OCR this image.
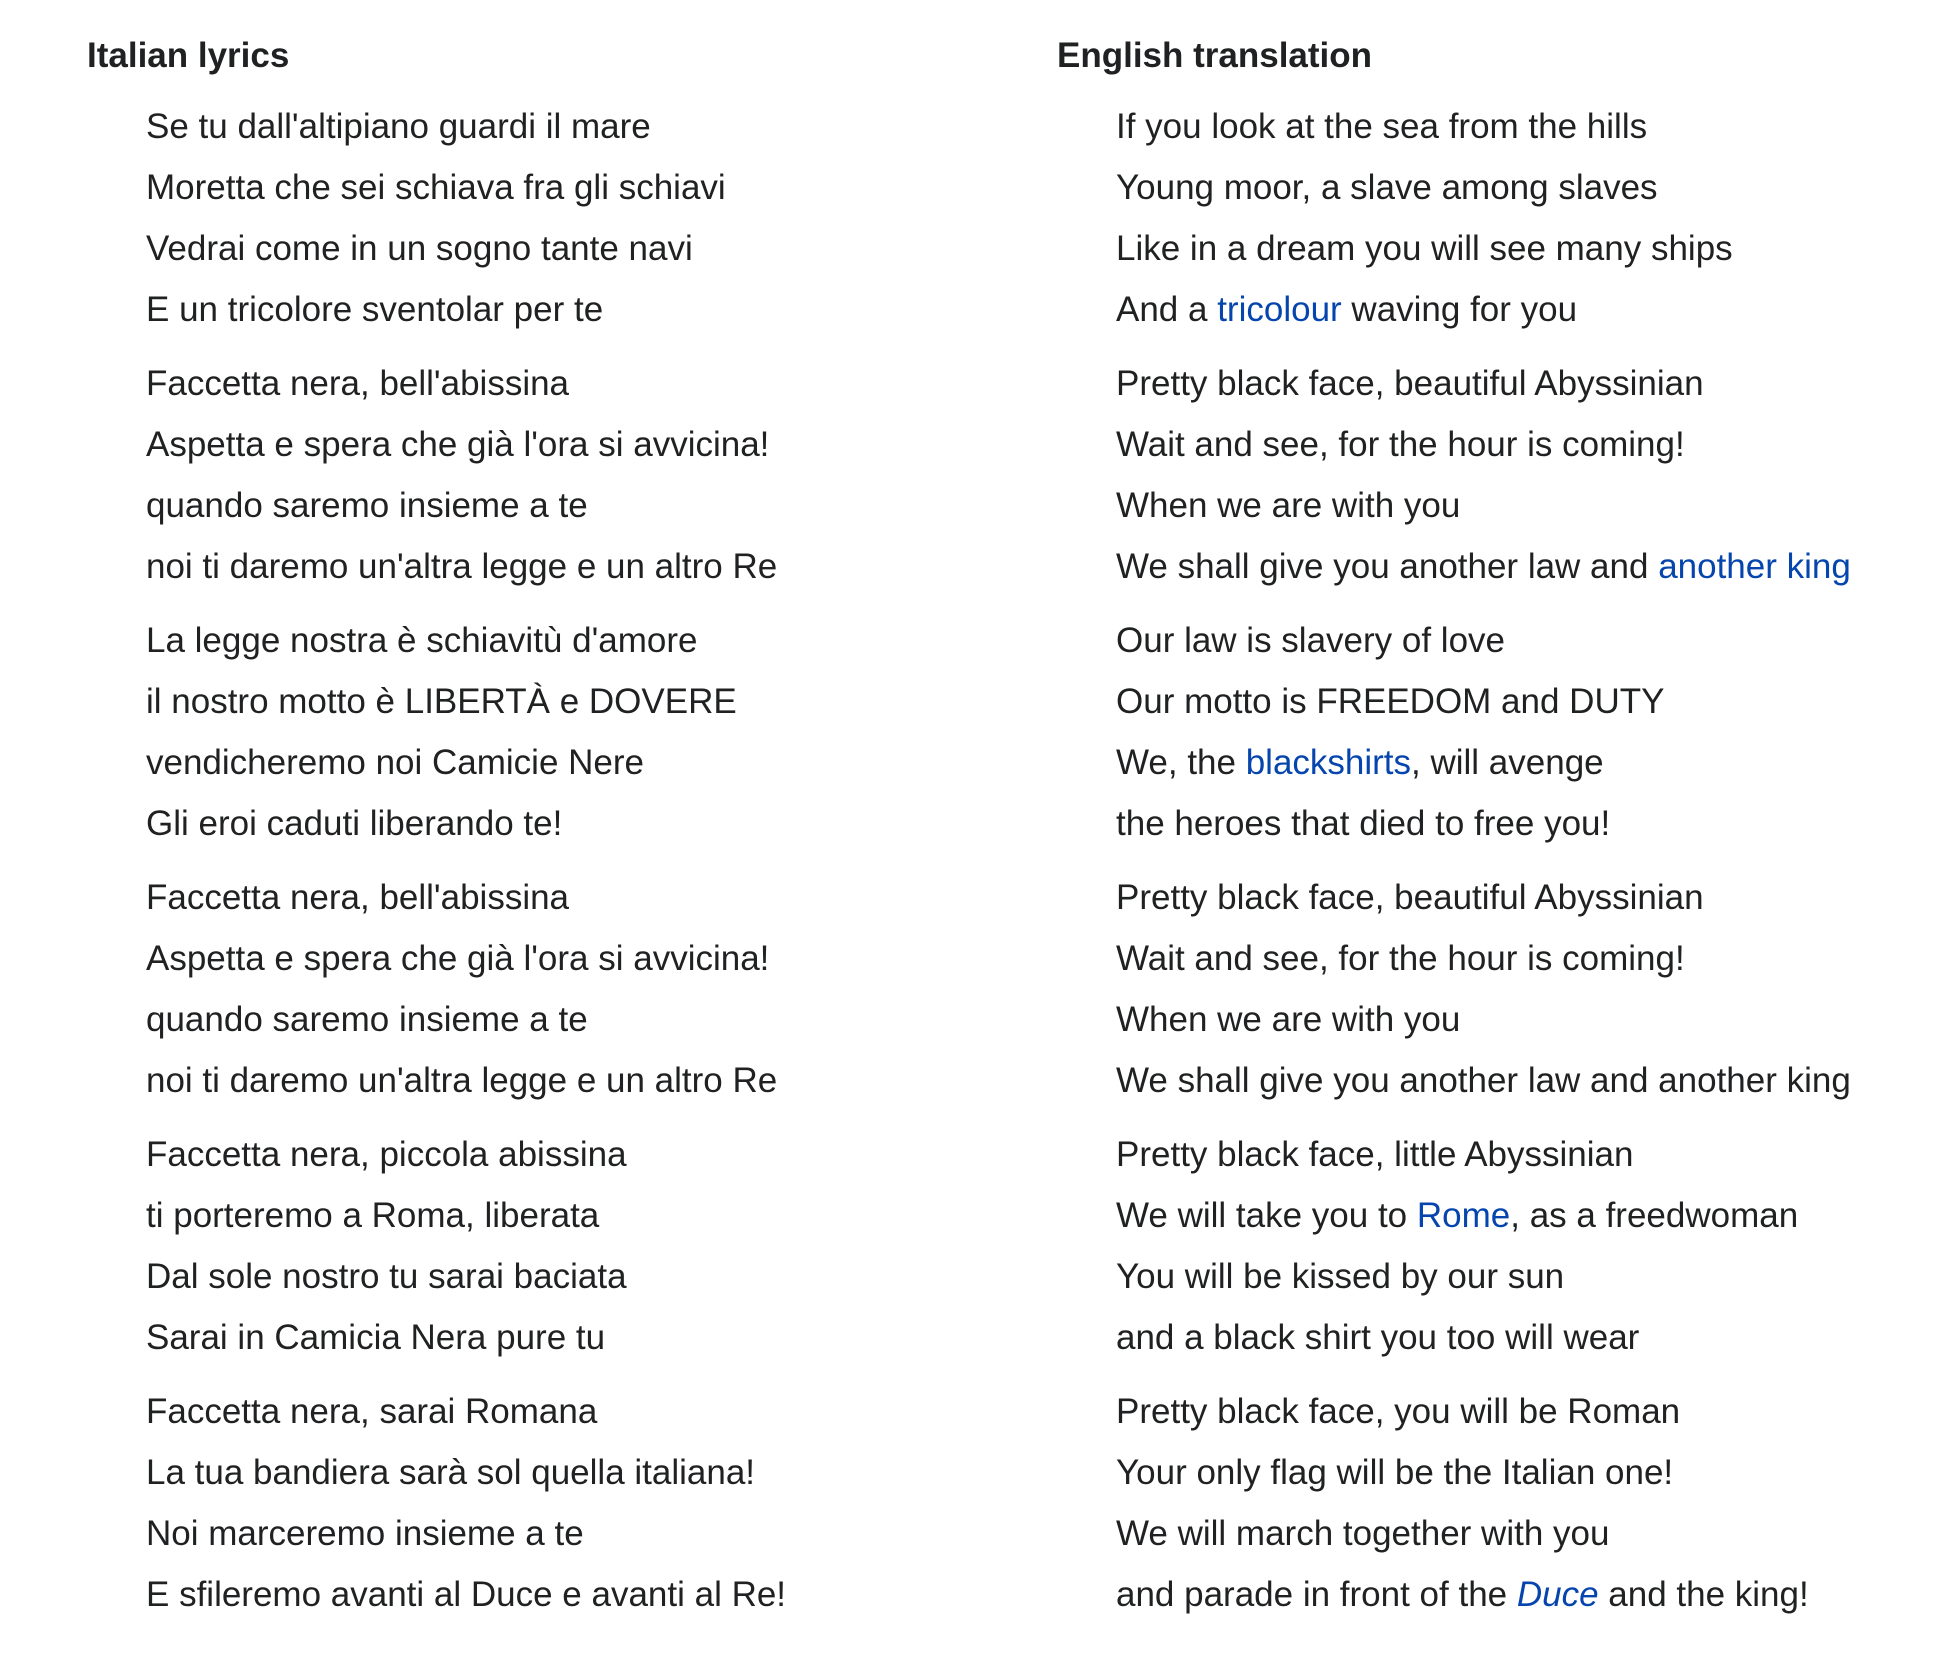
Italian lyrics
Se tu dall'altipiano guardi il mare
Moretta che sei schiava fra gli schiavi
Vedrai come in un sogno tante navi
E un tricolore sventolar per te
Faccetta nera, bell'abissina
Aspetta e spera che già l'ora si avvicina!
quando saremo insieme a te
noi ti daremo un'altra legge e un altro Re
La legge nostra è schiavitù d'amore
il nostro motto è LIBERTÀ e DOVERE
vendicheremo noi Camicie Nere
Gli eroi caduti liberando te!
Faccetta nera, bell'abissina
Aspetta e spera che già l'ora si avvicina!
quando saremo insieme a te
noi ti daremo un'altra legge e un altro Re
Faccetta nera, piccola abissina
ti porteremo a Roma, liberata
Dal sole nostro tu sarai baciata
Sarai in Camicia Nera pure tu
Faccetta nera, sarai Romana
La tua bandiera sarà sol quella italiana!
Noi marceremo insieme a te
E sfileremo avanti al Duce e avanti al Re!
English translation
If you look at the sea from the hills
Young moor, a slave among slaves
Like in a dream you will see many ships
And a tricolour waving for you
Pretty black face, beautiful Abyssinian
Wait and see, for the hour is coming!
When we are with you
We shall give you another law and another king
Our law is slavery of love
Our motto is FREEDOM and DUTY
We, the blackshirts, will avenge
the heroes that died to free you!
Pretty black face, beautiful Abyssinian
Wait and see, for the hour is coming!
When we are with you
We shall give you another law and another king
Pretty black face, little Abyssinian
We will take you to Rome, as a freedwoman
You will be kissed by our sun
and a black shirt you too will wear
Pretty black face, you will be Roman
Your only flag will be the Italian one!
We will march together with you
and parade in front of the Duce and the king!
